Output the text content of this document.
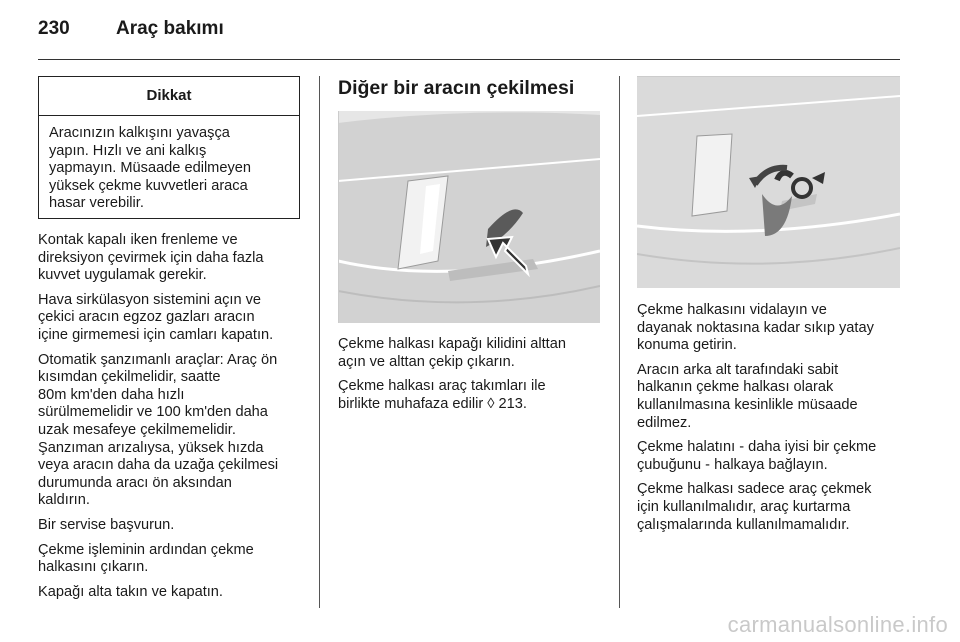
230 Araç bakımı
Dikkat
Aracınızın kalkışını yavaşça
yapın. Hızlı ve ani kalkış
yapmayın. Müsaade edilmeyen
yüksek çekme kuvvetleri araca
hasar verebilir.

Kontak kapalı iken frenleme ve
direksiyon çevirmek için daha fazla
kuvvet uygulamak gerekir.

Hava sirkülasyon sistemini açın ve
çekici aracın egzoz gazları aracın
içine girmemesi için camları kapatın.

Otomatik şanzımanlı araçlar: Araç ön
kısımdan çekilmelidir, saatte
80m km'den daha hızlı
sürülmemelidir ve 100 km'den daha
uzak mesafeye çekilmemelidir.
Şanzıman arızalıysa, yüksek hızda
veya aracın daha da uzağa çekilmesi
durumunda aracı ön aksından
kaldırın.

Bir servise başvurun.

Çekme işleminin ardından çekme
halkasını çıkarın.

Kapağı alta takın ve kapatın.

Diğer bir aracın çekilmesi

Çekme halkası kapağı kilidini alttan
açın ve alttan çekip çıkarın.

Çekme halkası araç takımları ile
birlikte muhafaza edilir ◊ 213.

Çekme halkasını vidalayın ve
dayanak noktasına kadar sıkıp yatay
konuma getirin.

Aracın arka alt tarafındaki sabit
halkanın çekme halkası olarak
kullanılmasına kesinlikle müsaade
edilmez.

Çekme halatını - daha iyisi bir çekme
çubuğunu - halkaya bağlayın.

Çekme halkası sadece araç çekmek
için kullanılmalıdır, araç kurtarma
çalışmalarında kullanılmamalıdır.

carmanualsonline.info
